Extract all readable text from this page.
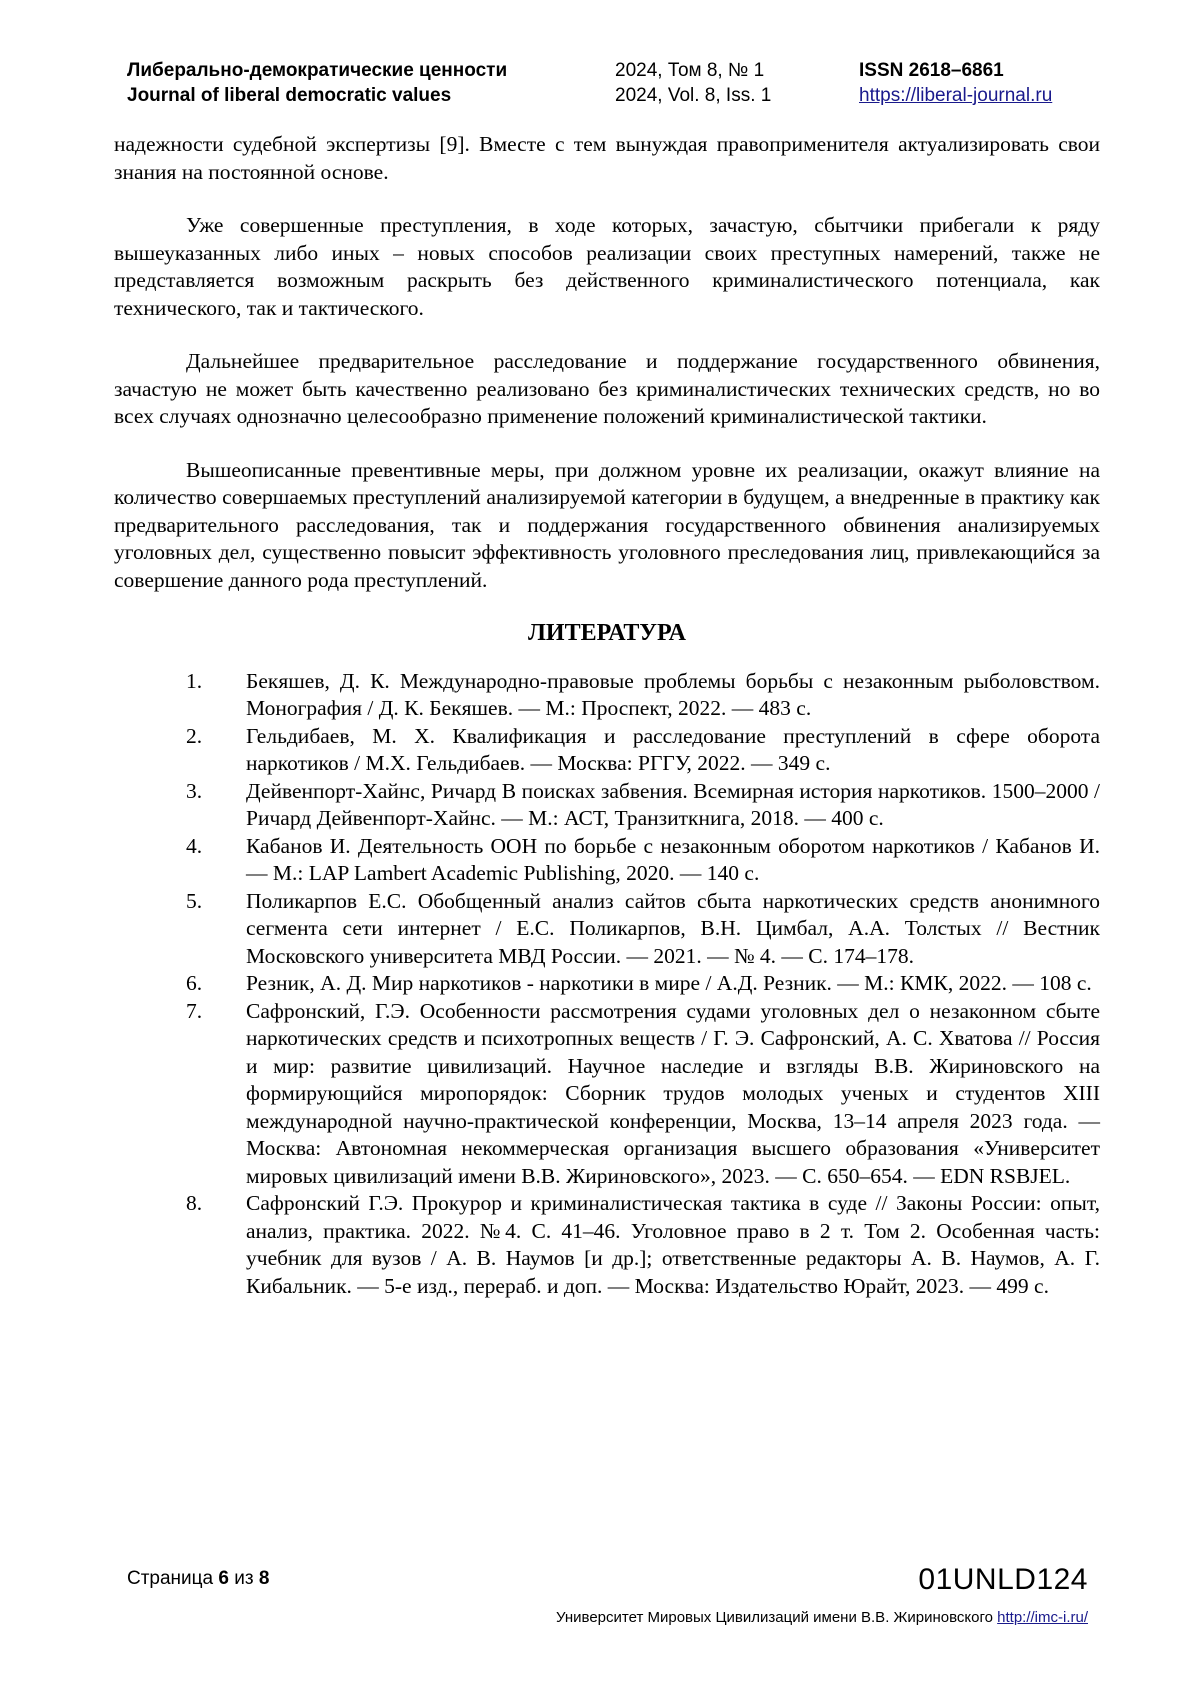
Либерально-демократические ценности
Journal of liberal democratic values
2024, Том 8, № 1
2024, Vol. 8, Iss. 1
ISSN 2618–6861
https://liberal-journal.ru

надежности судебной экспертизы [9]. Вместе с тем вынуждая правоприменителя актуализировать свои знания на постоянной основе.

Уже совершенные преступления, в ходе которых, зачастую, сбытчики прибегали к ряду вышеуказанных либо иных – новых способов реализации своих преступных намерений, также не представляется возможным раскрыть без действенного криминалистического потенциала, как технического, так и тактического.

Дальнейшее предварительное расследование и поддержание государственного обвинения, зачастую не может быть качественно реализовано без криминалистических технических средств, но во всех случаях однозначно целесообразно применение положений криминалистической тактики.

Вышеописанные превентивные меры, при должном уровне их реализации, окажут влияние на количество совершаемых преступлений анализируемой категории в будущем, а внедренные в практику как предварительного расследования, так и поддержания государственного обвинения анализируемых уголовных дел, существенно повысит эффективность уголовного преследования лиц, привлекающийся за совершение данного рода преступлений.

ЛИТЕРАТУРА
1. Бекяшев, Д. К. Международно-правовые проблемы борьбы с незаконным рыболовством. Монография / Д. К. Бекяшев. — М.: Проспект, 2022. — 483 с.
2. Гельдибаев, М. Х. Квалификация и расследование преступлений в сфере оборота наркотиков / М.Х. Гельдибаев. — Москва: РГГУ, 2022. — 349 с.
3. Дейвенпорт-Хайнс, Ричард В поисках забвения. Всемирная история наркотиков. 1500–2000 / Ричард Дейвенпорт-Хайнс. — М.: АСТ, Транзиткнига, 2018. — 400 с.
4. Кабанов И. Деятельность ООН по борьбе с незаконным оборотом наркотиков / Кабанов И. — М.: LAP Lambert Academic Publishing, 2020. — 140 с.
5. Поликарпов Е.С. Обобщенный анализ сайтов сбыта наркотических средств анонимного сегмента сети интернет / Е.С. Поликарпов, В.Н. Цимбал, А.А. Толстых // Вестник Московского университета МВД России. — 2021. — № 4. — С. 174–178.
6. Резник, А. Д. Мир наркотиков - наркотики в мире / А.Д. Резник. — М.: КМК, 2022. — 108 с.
7. Сафронский, Г.Э. Особенности рассмотрения судами уголовных дел о незаконном сбыте наркотических средств и психотропных веществ / Г. Э. Сафронский, А. С. Хватова // Россия и мир: развитие цивилизаций. Научное наследие и взгляды В.В. Жириновского на формирующийся миропорядок: Сборник трудов молодых ученых и студентов XIII международной научно-практической конференции, Москва, 13–14 апреля 2023 года. — Москва: Автономная некоммерческая организация высшего образования «Университет мировых цивилизаций имени В.В. Жириновского», 2023. — С. 650–654. — EDN RSBJEL.
8. Сафронский Г.Э. Прокурор и криминалистическая тактика в суде // Законы России: опыт, анализ, практика. 2022. №4. С. 41–46. Уголовное право в 2 т. Том 2. Особенная часть: учебник для вузов / А. В. Наумов [и др.]; ответственные редакторы А. В. Наумов, А. Г. Кибальник. — 5-е изд., перераб. и доп. — Москва: Издательство Юрайт, 2023. — 499 с.
Страница 6 из 8	01UNLD124
Университет Мировых Цивилизаций имени В.В. Жириновского http://imc-i.ru/
